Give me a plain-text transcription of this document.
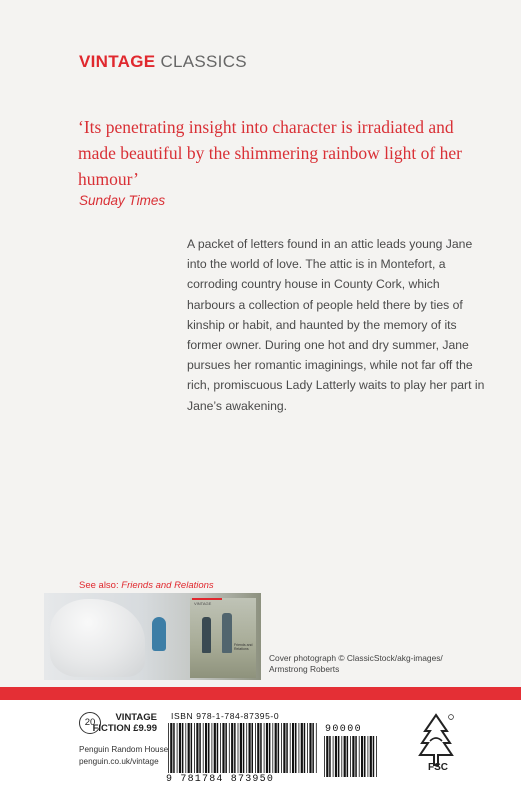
VINTAGE CLASSICS
‘Its penetrating insight into character is irradiated and made beautiful by the shimmering rainbow light of her humour’
Sunday Times
A packet of letters found in an attic leads young Jane into the world of love. The attic is in Montefort, a corroding country house in County Cork, which harbours a collection of people held there by ties of kinship or habit, and haunted by the memory of its former owner. During one hot and dry summer, Jane pursues her romantic imaginings, while not far off the rich, promiscuous Lady Latterly waits to play her part in Jane’s awakening.
See also: Friends and Relations
VINTAGE
Friends and Relations
Cover photograph © ClassicStock/akg-images/
Armstrong Roberts
20	VINTAGE
FICTION £9.99
Penguin Random House
penguin.co.uk/vintage
ISBN 978-1-784-87395-0
9 781784 873950
90000
FSC
